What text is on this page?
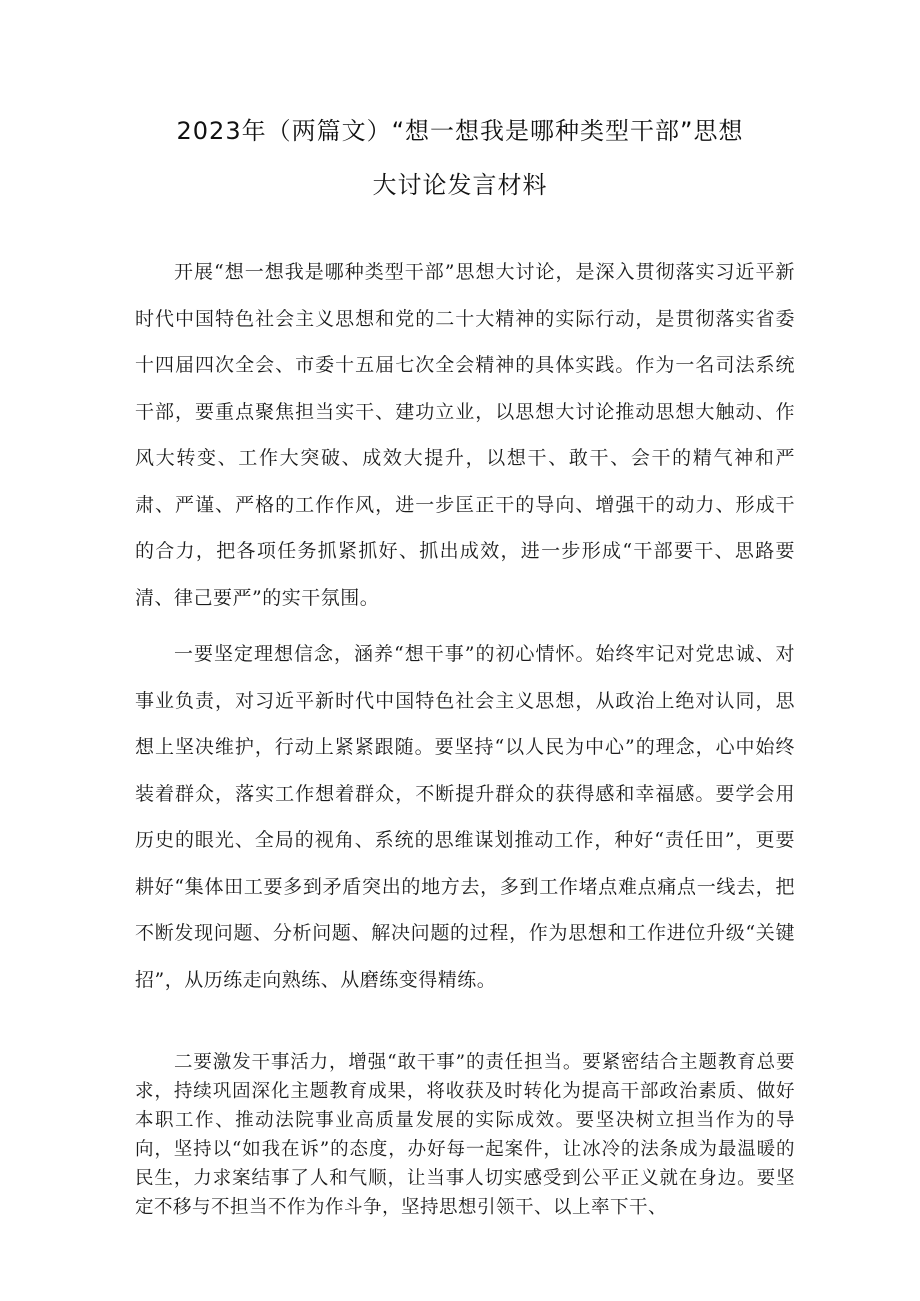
2023年（两篇文）“想一想我是哪种类型干部”思想
大讨论发言材料

开展“想一想我是哪种类型干部”思想大讨论，是深入贯彻落实习近平新时代中国特色社会主义思想和党的二十大精神的实际行动，是贯彻落实省委十四届四次全会、市委十五届七次全会精神的具体实践。作为一名司法系统干部，要重点聚焦担当实干、建功立业，以思想大讨论推动思想大触动、作风大转变、工作大突破、成效大提升，以想干、敢干、会干的精气神和严肃、严谨、严格的工作作风，进一步匡正干的导向、增强干的动力、形成干的合力，把各项任务抓紧抓好、抓出成效，进一步形成“干部要干、思路要清、律己要严”的实干氛围。

一要坚定理想信念，涵养“想干事”的初心情怀。始终牢记对党忠诚、对事业负责，对习近平新时代中国特色社会主义思想，从政治上绝对认同，思想上坚决维护，行动上紧紧跟随。要坚持“以人民为中心”的理念，心中始终装着群众，落实工作想着群众，不断提升群众的获得感和幸福感。要学会用历史的眼光、全局的视角、系统的思维谋划推动工作，种好“责任田”，更要耕好“集体田工要多到矛盾突出的地方去，多到工作堵点难点痛点一线去，把不断发现问题、分析问题、解决问题的过程，作为思想和工作进位升级“关键招”，从历练走向熟练、从磨练变得精练。

二要激发干事活力，增强“敢干事”的责任担当。要紧密结合主题教育总要求，持续巩固深化主题教育成果，将收获及时转化为提高干部政治素质、做好本职工作、推动法院事业高质量发展的实际成效。要坚决树立担当作为的导向，坚持以“如我在诉”的态度，办好每一起案件，让冰冷的法条成为最温暖的民生，力求案结事了人和气顺，让当事人切实感受到公平正义就在身边。要坚定不移与不担当不作为作斗争，坚持思想引领干、以上率下干、
